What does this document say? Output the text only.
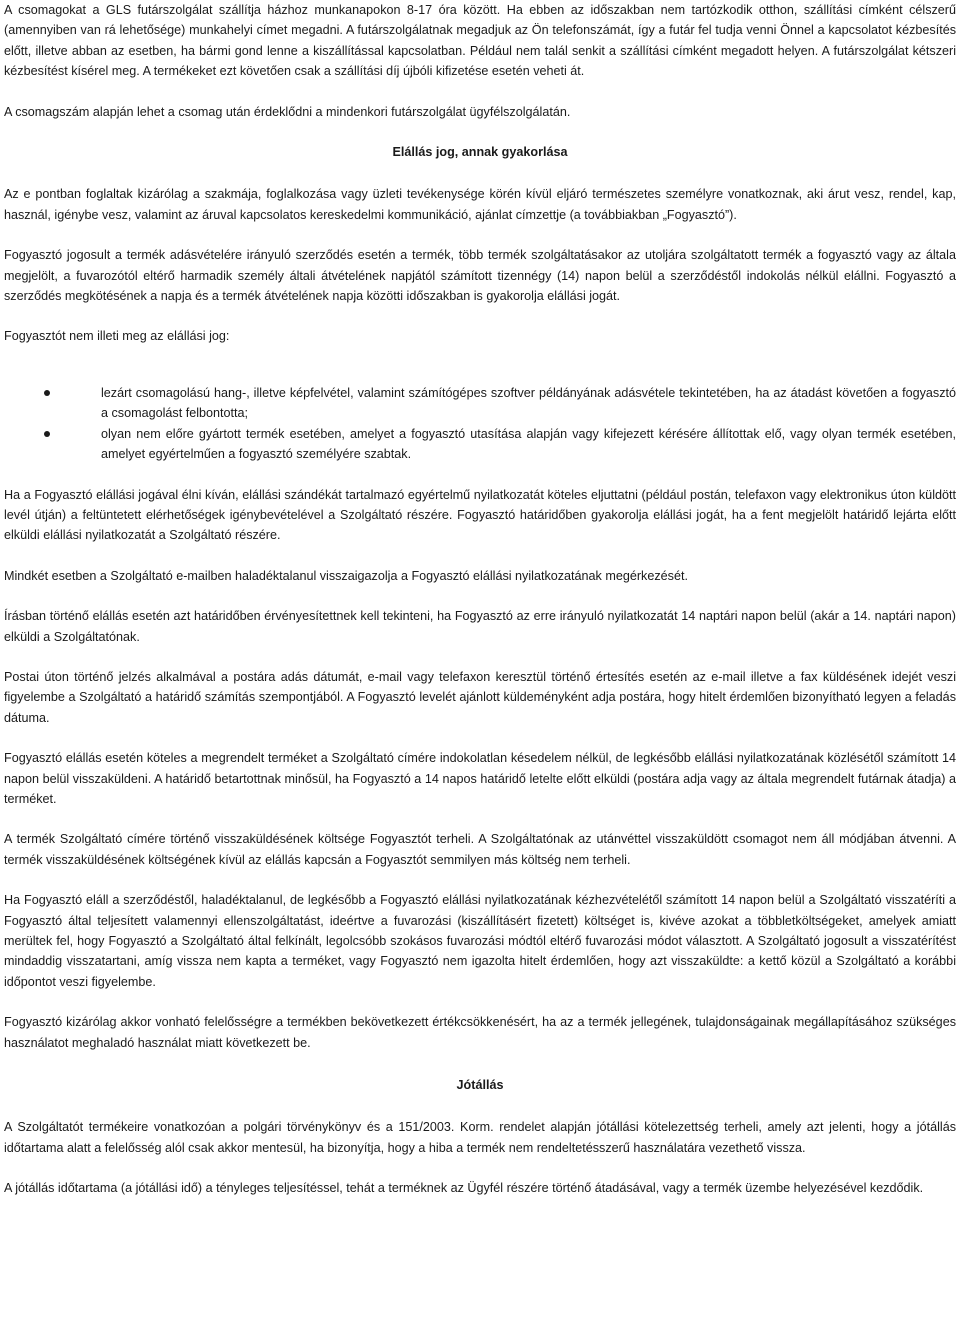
A csomagokat a GLS futárszolgálat szállítja házhoz munkanapokon 8-17 óra között. Ha ebben az időszakban nem tartózkodik otthon, szállítási címként célszerű (amennyiben van rá lehetősége) munkahelyi címet megadni. A futárszolgálatnak megadjuk az Ön telefonszámát, így a futár fel tudja venni Önnel a kapcsolatot kézbesítés előtt, illetve abban az esetben, ha bármi gond lenne a kiszállítással kapcsolatban. Például nem talál senkit a szállítási címként megadott helyen. A futárszolgálat kétszeri kézbesítést kísérel meg. A termékeket ezt követően csak a szállítási díj újbóli kifizetése esetén veheti át.

A csomagszám alapján lehet a csomag után érdeklődni a mindenkori futárszolgálat ügyfélszolgálatán.

Elállás jog, annak gyakorlása

Az e pontban foglaltak kizárólag a szakmája, foglalkozása vagy üzleti tevékenysége körén kívül eljáró természetes személyre vonatkoznak, aki árut vesz, rendel, kap, használ, igénybe vesz, valamint az áruval kapcsolatos kereskedelmi kommunikáció, ajánlat címzettje (a továbbiakban „Fogyasztó”).

Fogyasztó jogosult a termék adásvételére irányuló szerződés esetén a termék, több termék szolgáltatásakor az utoljára szolgáltatott termék a fogyasztó vagy az általa megjelölt, a fuvarozótól eltérő harmadik személy általi átvételének napjától számított tizennégy (14) napon belül a szerződéstől indokolás nélkül elállni. Fogyasztó a szerződés megkötésének a napja és a termék átvételének napja közötti időszakban is gyakorolja elállási jogát.

Fogyasztót nem illeti meg az elállási jog:

lezárt csomagolású hang-, illetve képfelvétel, valamint számítógépes szoftver példányának adásvétele tekintetében, ha az átadást követően a fogyasztó a csomagolást felbontotta;
olyan nem előre gyártott termék esetében, amelyet a fogyasztó utasítása alapján vagy kifejezett kérésére állítottak elő, vagy olyan termék esetében, amelyet egyértelműen a fogyasztó személyére szabtak.

Ha a Fogyasztó elállási jogával élni kíván, elállási szándékát tartalmazó egyértelmű nyilatkozatát köteles eljuttatni (például postán, telefaxon vagy elektronikus úton küldött levél útján) a feltüntetett elérhetőségek igénybevételével a Szolgáltató részére. Fogyasztó határidőben gyakorolja elállási jogát, ha a fent megjelölt határidő lejárta előtt elküldi elállási nyilatkozatát a Szolgáltató részére.

Mindkét esetben a Szolgáltató e-mailben haladéktalanul visszaigazolja a Fogyasztó elállási nyilatkozatának megérkezését.

Írásban történő elállás esetén azt határidőben érvényesítettnek kell tekinteni, ha Fogyasztó az erre irányuló nyilatkozatát 14 naptári napon belül (akár a 14. naptári napon) elküldi a Szolgáltatónak.

Postai úton történő jelzés alkalmával a postára adás dátumát, e-mail vagy telefaxon keresztül történő értesítés esetén az e-mail illetve a fax küldésének idejét veszi figyelembe a Szolgáltató a határidő számítás szempontjából. A Fogyasztó levelét ajánlott küldeményként adja postára, hogy hitelt érdemlően bizonyítható legyen a feladás dátuma.

Fogyasztó elállás esetén köteles a megrendelt terméket a Szolgáltató címére indokolatlan késedelem nélkül, de legkésőbb elállási nyilatkozatának közlésétől számított 14 napon belül visszaküldeni. A határidő betartottnak minősül, ha Fogyasztó a 14 napos határidő letelte előtt elküldi (postára adja vagy az általa megrendelt futárnak átadja) a terméket.

A termék Szolgáltató címére történő visszaküldésének költsége Fogyasztót terheli. A Szolgáltatónak az utánvéttel visszaküldött csomagot nem áll módjában átvenni. A termék visszaküldésének költségének kívül az elállás kapcsán a Fogyasztót semmilyen más költség nem terheli.

Ha Fogyasztó eláll a szerződéstől, haladéktalanul, de legkésőbb a Fogyasztó elállási nyilatkozatának kézhezvételétől számított 14 napon belül a Szolgáltató visszatéríti a Fogyasztó által teljesített valamennyi ellenszolgáltatást, ideértve a fuvarozási (kiszállításért fizetett) költséget is, kivéve azokat a többletköltségeket, amelyek amiatt merültek fel, hogy Fogyasztó a Szolgáltató által felkínált, legolcsóbb szokásos fuvarozási módtól eltérő fuvarozási módot választott. A Szolgáltató jogosult a visszatérítést mindaddig visszatartani, amíg vissza nem kapta a terméket, vagy Fogyasztó nem igazolta hitelt érdemlően, hogy azt visszaküldte: a kettő közül a Szolgáltató a korábbi időpontot veszi figyelembe.

Fogyasztó kizárólag akkor vonható felelősségre a termékben bekövetkezett értékcsökkenésért, ha az a termék jellegének, tulajdonságainak megállapításához szükséges használatot meghaladó használat miatt következett be.

Jótállás

A Szolgáltatót termékeire vonatkozóan a polgári törvénykönyv és a 151/2003. Korm. rendelet alapján jótállási kötelezettség terheli, amely azt jelenti, hogy a jótállás időtartama alatt a felelősség alól csak akkor mentesül, ha bizonyítja, hogy a hiba a termék nem rendeltetésszerű használatára vezethető vissza.

A jótállás időtartama (a jótállási idő) a tényleges teljesítéssel, tehát a terméknek az Ügyfél részére történő átadásával, vagy a termék üzembe helyezésével kezdődik.
